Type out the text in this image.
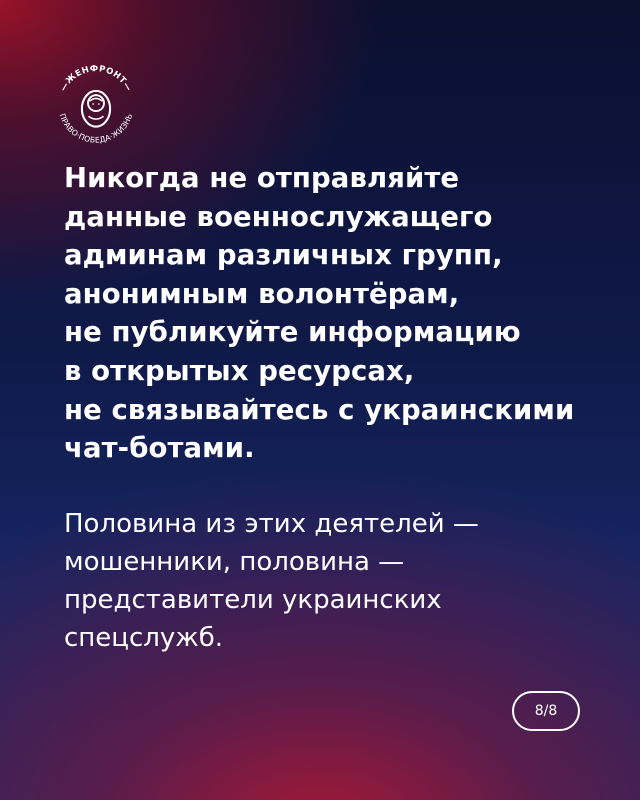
—ЖЕНФРОНТ—
ПРАВО·ПОБЕДА·ЖИЗНЬ

Никогда не отправляйте
данные военнослужащего
админам различных групп,
анонимным волонтёрам,
не публикуйте информацию
в открытых ресурсах,
не связывайтесь с украинскими
чат-ботами.

Половина из этих деятелей —
мошенники, половина —
представители украинских
спецслужб.

8/8
